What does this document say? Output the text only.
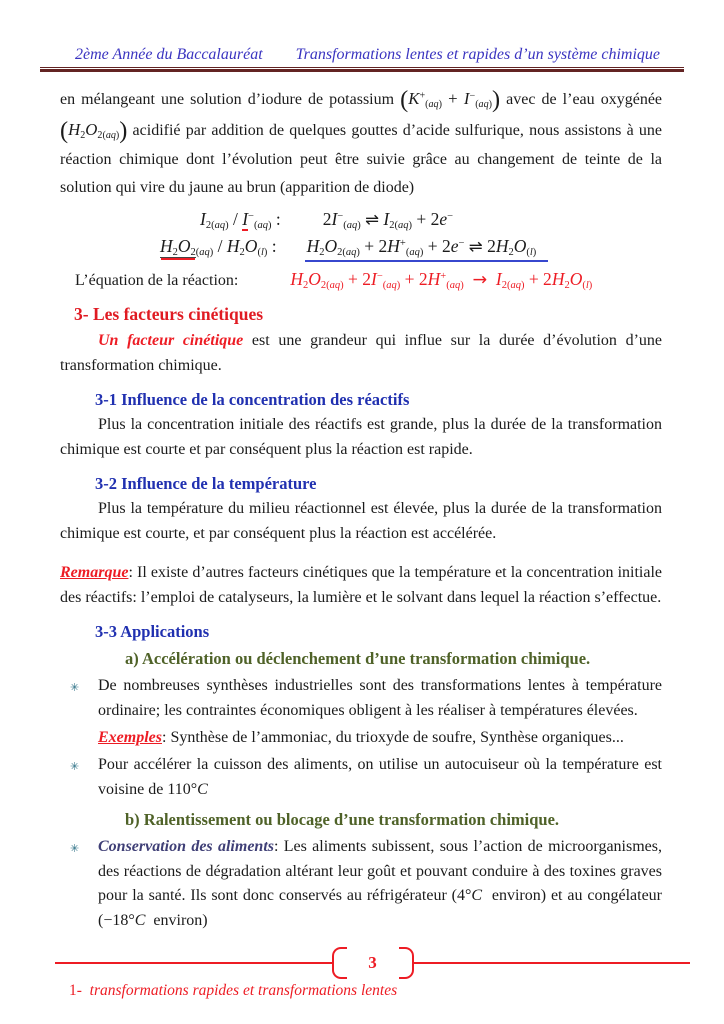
2ème Année du Baccalauréat Transformations lentes et rapides d’un système chimique

en mélangeant une solution d’iodure de potassium $(K^+_{(aq)} + I^-_{(aq)})$ avec de l’eau oxygénée $(H_2O_{2(aq)})$ acidifié par addition de quelques gouttes d’acide sulfurique, nous assistons à une réaction chimique dont l’évolution peut être suivie grâce au changement de teinte de la solution qui vire du jaune au brun (apparition de diode)

$I_{2(aq)} / I^-_{(aq)}$ : $2I^-_{(aq)}$ ⇌ $I_{2(aq)} + 2e^-$
$H_2O_{2(aq)} / H_2O_{(l)}$ : $H_2O_{2(aq)} + 2H^+_{(aq)} + 2e^-$ ⇌ $2H_2O_{(l)}$
L’équation de la réaction:	$H_2O_{2(aq)} + 2I^-_{(aq)} + 2H^+_{(aq)} \to I_{2(aq)} + 2H_2O_{(l)}$
3- Les facteurs cinétiques

Un facteur cinétique est une grandeur qui influe sur la durée d’évolution d’une transformation chimique.

3-1 Influence de la concentration des réactifs

Plus la concentration initiale des réactifs est grande, plus la durée de la transformation chimique est courte et par conséquent plus la réaction est rapide.

3-2 Influence de la température

Plus la température du milieu réactionnel est élevée, plus la durée de la transformation chimique est courte, et par conséquent plus la réaction est accélérée.

Remarque: Il existe d’autres facteurs cinétiques que la température et la concentration initiale des réactifs: l’emploi de catalyseurs, la lumière et le solvant dans lequel la réaction s’effectue.

3-3 Applications
a) Accélération ou déclenchement d’une transformation chimique.
✳	De nombreuses synthèses industrielles sont des transformations lentes à température ordinaire; les contraintes économiques obligent à les réaliser à températures élevées.

Exemples: Synthèse de l’ammoniac, du trioxyde de soufre, Synthèse organiques...

✳	Pour accélérer la cuisson des aliments, on utilise un autocuiseur où la température est voisine de 110°C

b) Ralentissement ou blocage d’une transformation chimique.
✳	Conservation des aliments: Les aliments subissent, sous l’action de microorganismes, des réactions de dégradation altérant leur goût et pouvant conduire à des toxines graves pour la santé. Ils sont donc conservés au réfrigérateur (4°C  environ) et au congélateur (−18°C  environ)

3
1-  transformations rapides et transformations lentes
